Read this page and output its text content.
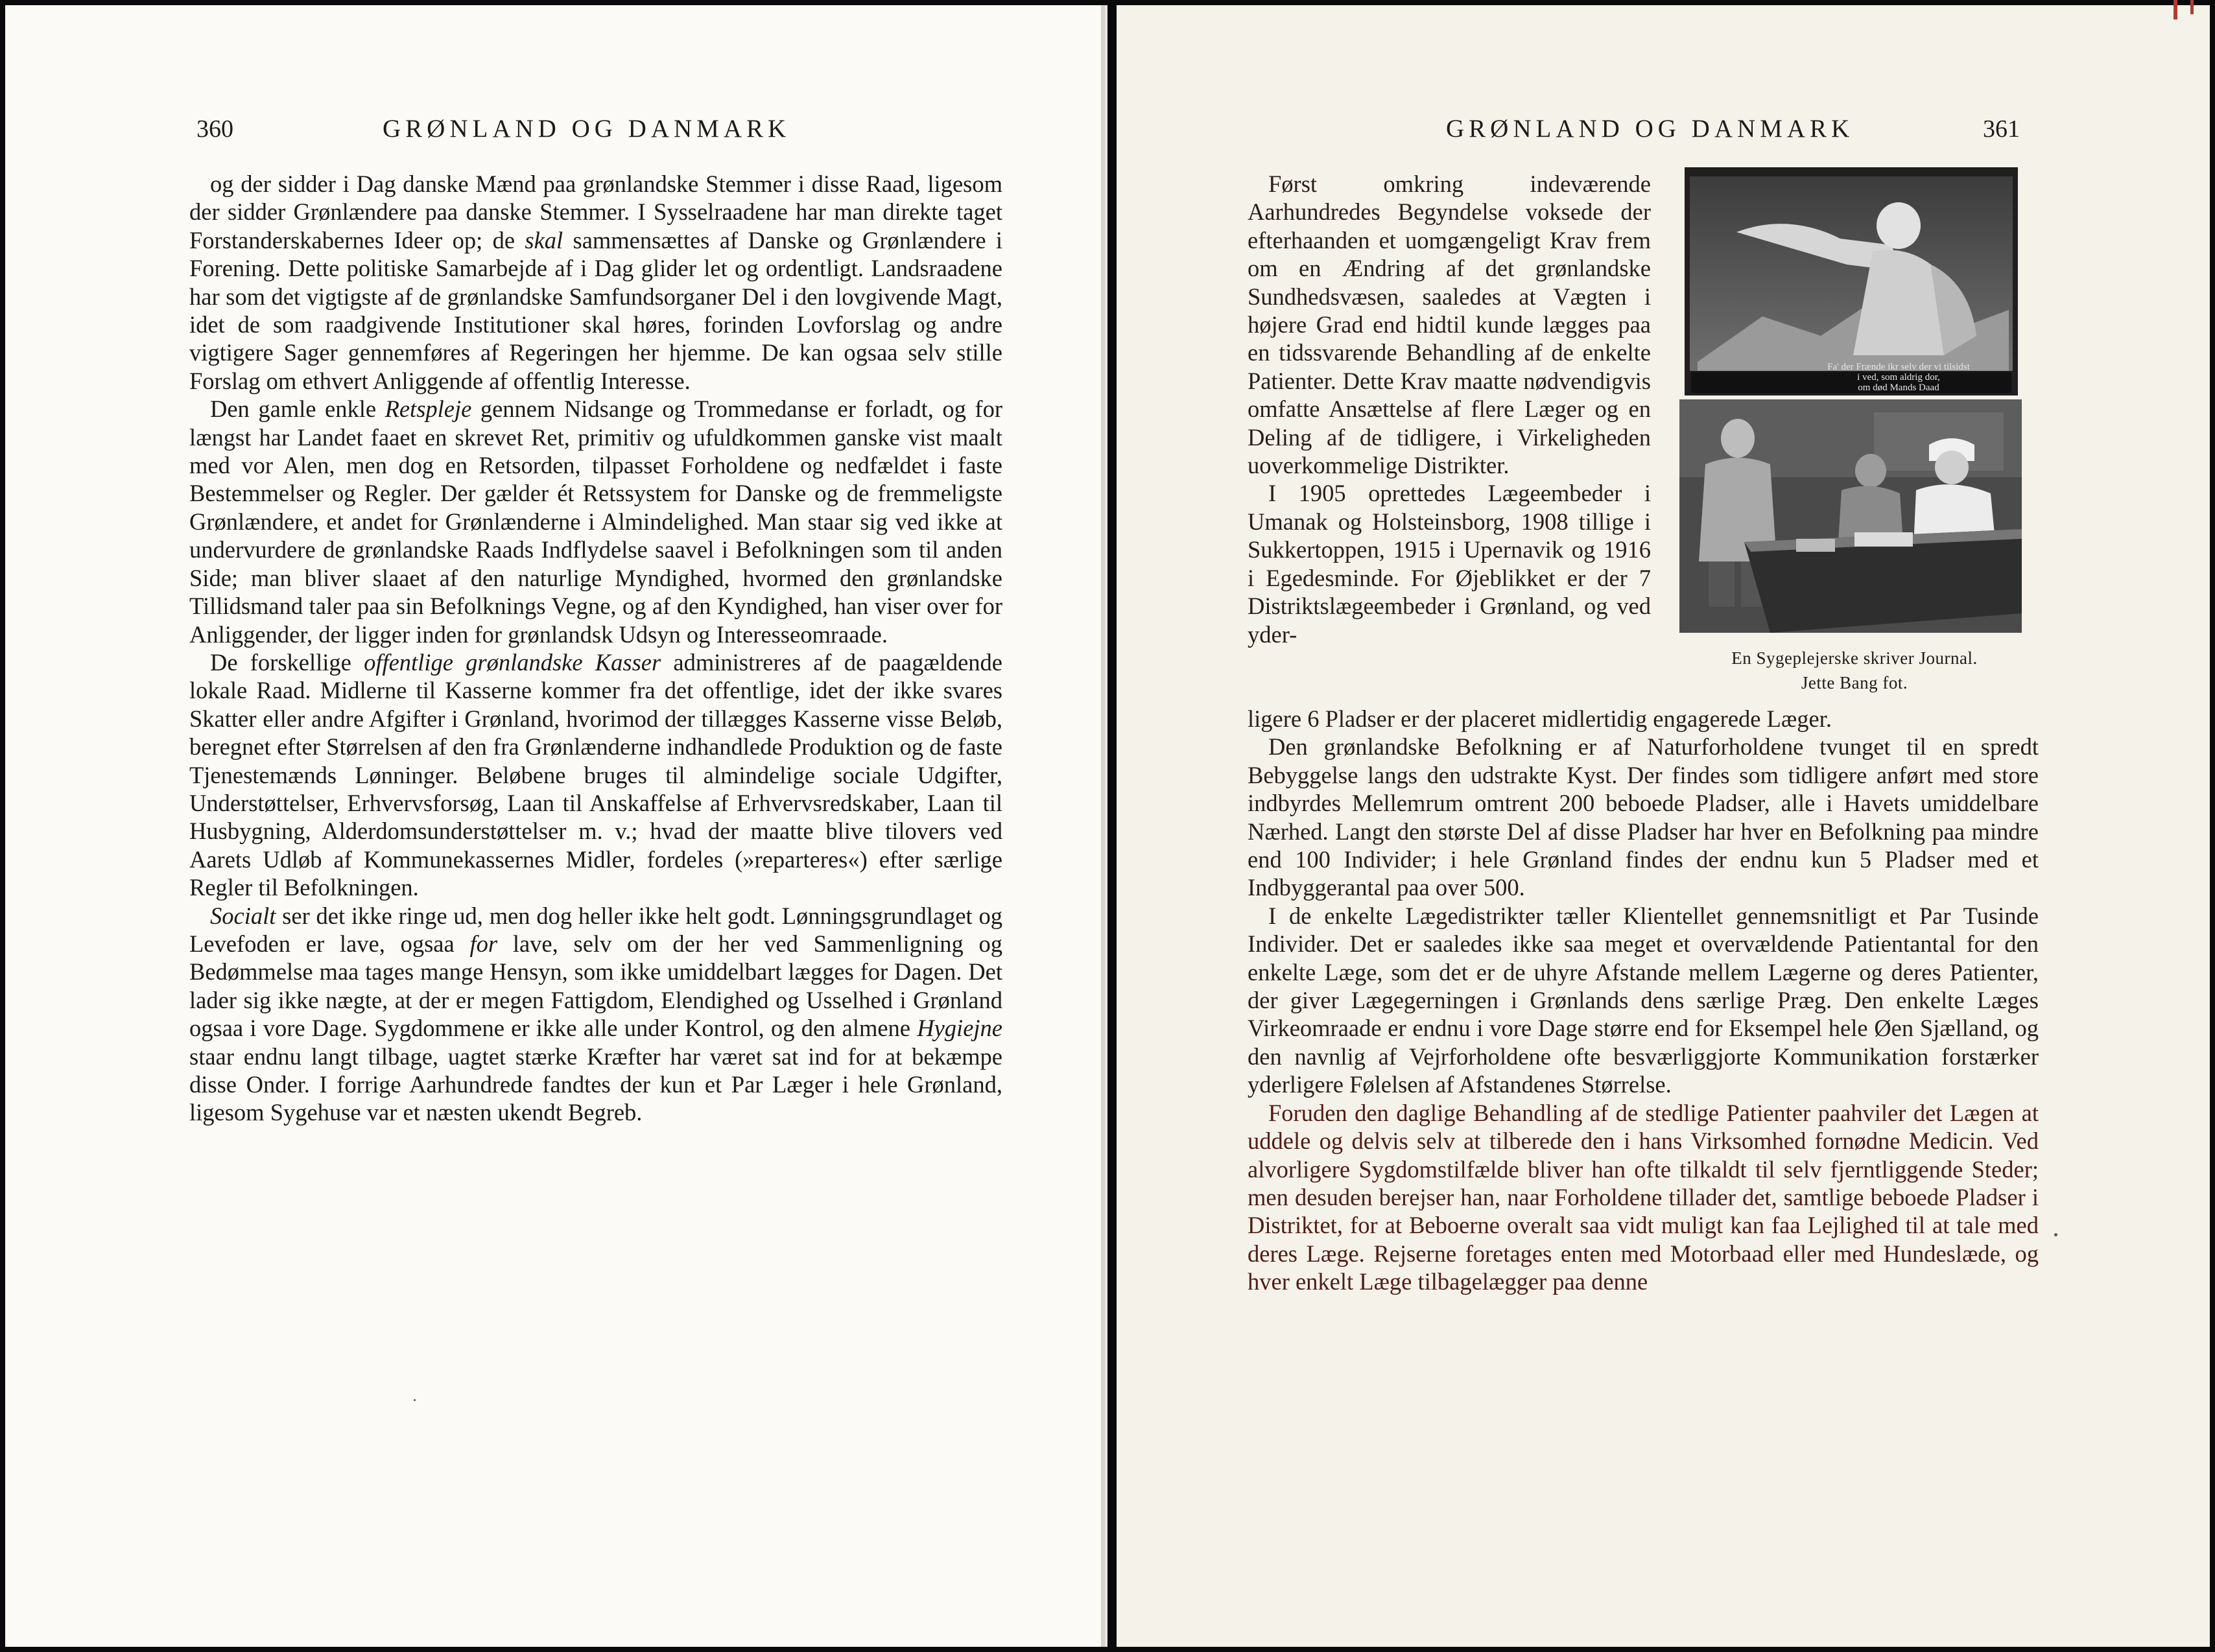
360	GRØNLAND OG DANMARK

og der sidder i Dag danske Mænd paa grønlandske Stemmer i disse Raad, ligesom der sidder Grønlændere paa danske Stemmer. I Sysselraadene har man direkte taget Forstanderskabernes Ideer op; de skal sammensættes af Danske og Grønlændere i Forening. Dette politiske Samarbejde af i Dag glider let og ordentligt. Landsraadene har som det vigtigste af de grønlandske Samfundsorganer Del i den lovgivende Magt, idet de som raadgivende Institutioner skal høres, forinden Lovforslag og andre vigtigere Sager gennemføres af Regeringen her hjemme. De kan ogsaa selv stille Forslag om ethvert Anliggende af offentlig Interesse.

Den gamle enkle Retspleje gennem Nidsange og Trommedanse er forladt, og for længst har Landet faaet en skrevet Ret, primitiv og ufuldkommen ganske vist maalt med vor Alen, men dog en Retsorden, tilpasset Forholdene og nedfældet i faste Bestemmelser og Regler. Der gælder ét Retssystem for Danske og de fremmeligste Grønlændere, et andet for Grønlænderne i Almindelighed. Man staar sig ved ikke at undervurdere de grønlandske Raads Indflydelse saavel i Befolkningen som til anden Side; man bliver slaaet af den naturlige Myndighed, hvormed den grønlandske Tillidsmand taler paa sin Befolknings Vegne, og af den Kyndighed, han viser over for Anliggender, der ligger inden for grønlandsk Udsyn og Interesseomraade.

De forskellige offentlige grønlandske Kasser administreres af de paagældende lokale Raad. Midlerne til Kasserne kommer fra det offentlige, idet der ikke svares Skatter eller andre Afgifter i Grønland, hvorimod der tillægges Kasserne visse Beløb, beregnet efter Størrelsen af den fra Grønlænderne indhandlede Produktion og de faste Tjenestemænds Lønninger. Beløbene bruges til almindelige sociale Udgifter, Understøttelser, Erhvervsforsøg, Laan til Anskaffelse af Erhvervsredskaber, Laan til Husbygning, Alderdomsunderstøttelser m. v.; hvad der maatte blive tilovers ved Aarets Udløb af Kommunekassernes Midler, fordeles (»reparteres«) efter særlige Regler til Befolkningen.

Socialt ser det ikke ringe ud, men dog heller ikke helt godt. Lønningsgrundlaget og Levefoden er lave, ogsaa for lave, selv om der her ved Sammenligning og Bedømmelse maa tages mange Hensyn, som ikke umiddelbart lægges for Dagen. Det lader sig ikke nægte, at der er megen Fattigdom, Elendighed og Usselhed i Grønland ogsaa i vore Dage. Sygdommene er ikke alle under Kontrol, og den almene Hygiejne staar endnu langt tilbage, uagtet stærke Kræfter har været sat ind for at bekæmpe disse Onder. I forrige Aarhundrede fandtes der kun et Par Læger i hele Grønland, ligesom Sygehuse var et næsten ukendt Begreb.

GRØNLAND OG DANMARK	361

Først omkring indeværende Aarhundredes Begyndelse voksede der efterhaanden et uomgængeligt Krav frem om en Ændring af det grønlandske Sundhedsvæsen, saaledes at Vægten i højere Grad end hidtil kunde lægges paa en tidssvarende Behandling af de enkelte Patienter. Dette Krav maatte nødvendigvis omfatte Ansættelse af flere Læger og en Deling af de tidligere, i Virkeligheden uoverkommelige Distrikter.

I 1905 oprettedes Lægeembeder i Umanak og Holsteinsborg, 1908 tillige i Sukkertoppen, 1915 i Upernavik og 1916 i Egedesminde. For Øjeblikket er der 7 Distriktslægeembeder i Grønland, og ved yder-

ligere 6 Pladser er der placeret midlertidig engagerede Læger.

Den grønlandske Befolkning er af Naturforholdene tvunget til en spredt Bebyggelse langs den udstrakte Kyst. Der findes som tidligere anført med store indbyrdes Mellemrum omtrent 200 beboede Pladser, alle i Havets umiddelbare Nærhed. Langt den største Del af disse Pladser har hver en Befolkning paa mindre end 100 Individer; i hele Grønland findes der endnu kun 5 Pladser med et Indbyggerantal paa over 500.

I de enkelte Lægedistrikter tæller Klientellet gennemsnitligt et Par Tusinde Individer. Det er saaledes ikke saa meget et overvældende Patientantal for den enkelte Læge, som det er de uhyre Afstande mellem Lægerne og deres Patienter, der giver Lægegerningen i Grønlands dens særlige Præg. Den enkelte Læges Virkeomraade er endnu i vore Dage større end for Eksempel hele Øen Sjælland, og den navnlig af Vejrforholdene ofte besværliggjorte Kommunikation forstærker yderligere Følelsen af Afstandenes Størrelse.

Foruden den daglige Behandling af de stedlige Patienter paahviler det Lægen at uddele og delvis selv at tilberede den i hans Virksomhed fornødne Medicin. Ved alvorligere Sygdomstilfælde bliver han ofte tilkaldt til selv fjerntliggende Steder; men desuden berejser han, naar Forholdene tillader det, samtlige beboede Pladser i Distriktet, for at Beboerne overalt saa vidt muligt kan faa Lejlighed til at tale med deres Læge. Rejserne foretages enten med Motorbaad eller med Hundeslæde, og hver enkelt Læge tilbagelægger paa denne

Fa' der Frænde ikr selv der vi tilsidst
i ved, som aldrig dor,
om død Mands Daad
En Sygeplejerske skriver Journal.
Jette Bang fot.
